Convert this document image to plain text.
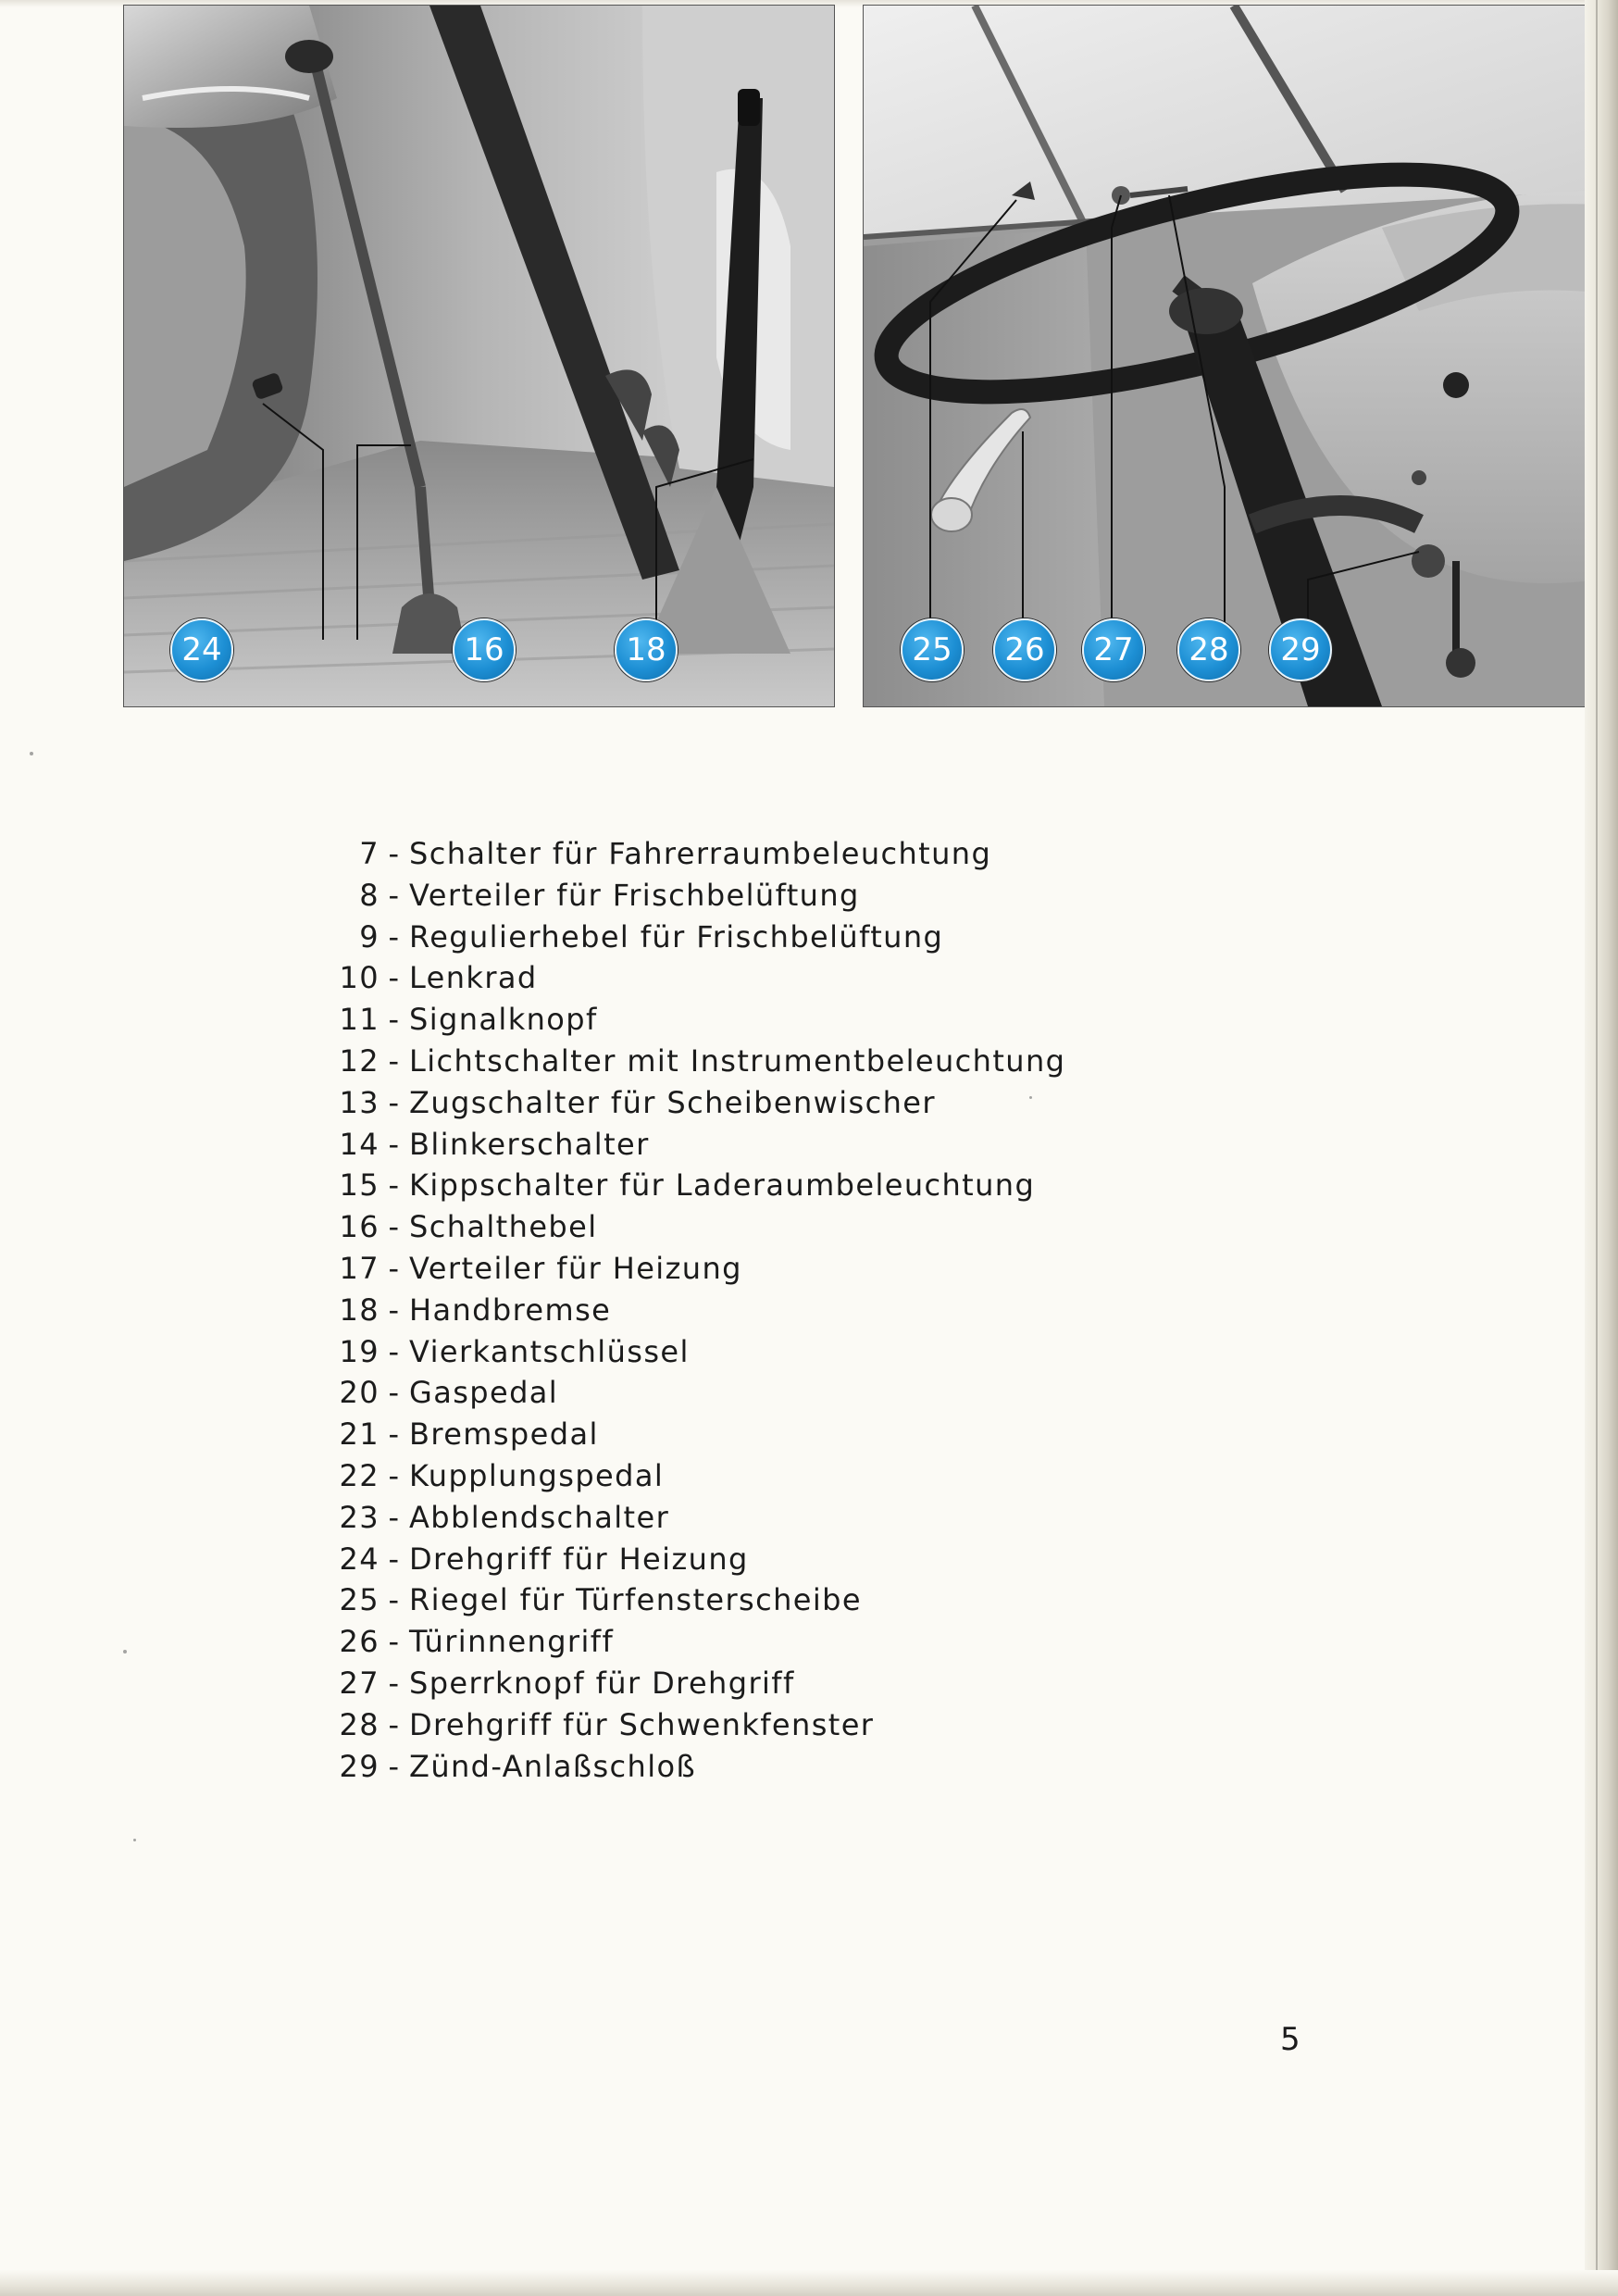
24	16	18	25	26	27	28	29
7 - Schalter für Fahrerraumbeleuchtung
8 - Verteiler für Frischbelüftung
9 - Regulierhebel für Frischbelüftung
10 - Lenkrad
11 - Signalknopf
12 - Lichtschalter mit Instrumentbeleuchtung
13 - Zugschalter für Scheibenwischer
14 - Blinkerschalter
15 - Kippschalter für Laderaumbeleuchtung
16 - Schalthebel
17 - Verteiler für Heizung
18 - Handbremse
19 - Vierkantschlüssel
20 - Gaspedal
21 - Bremspedal
22 - Kupplungspedal
23 - Abblendschalter
24 - Drehgriff für Heizung
25 - Riegel für Türfensterscheibe
26 - Türinnengriff
27 - Sperrknopf für Drehgriff
28 - Drehgriff für Schwenkfenster
29 - Zünd-Anlaßschloß
5
